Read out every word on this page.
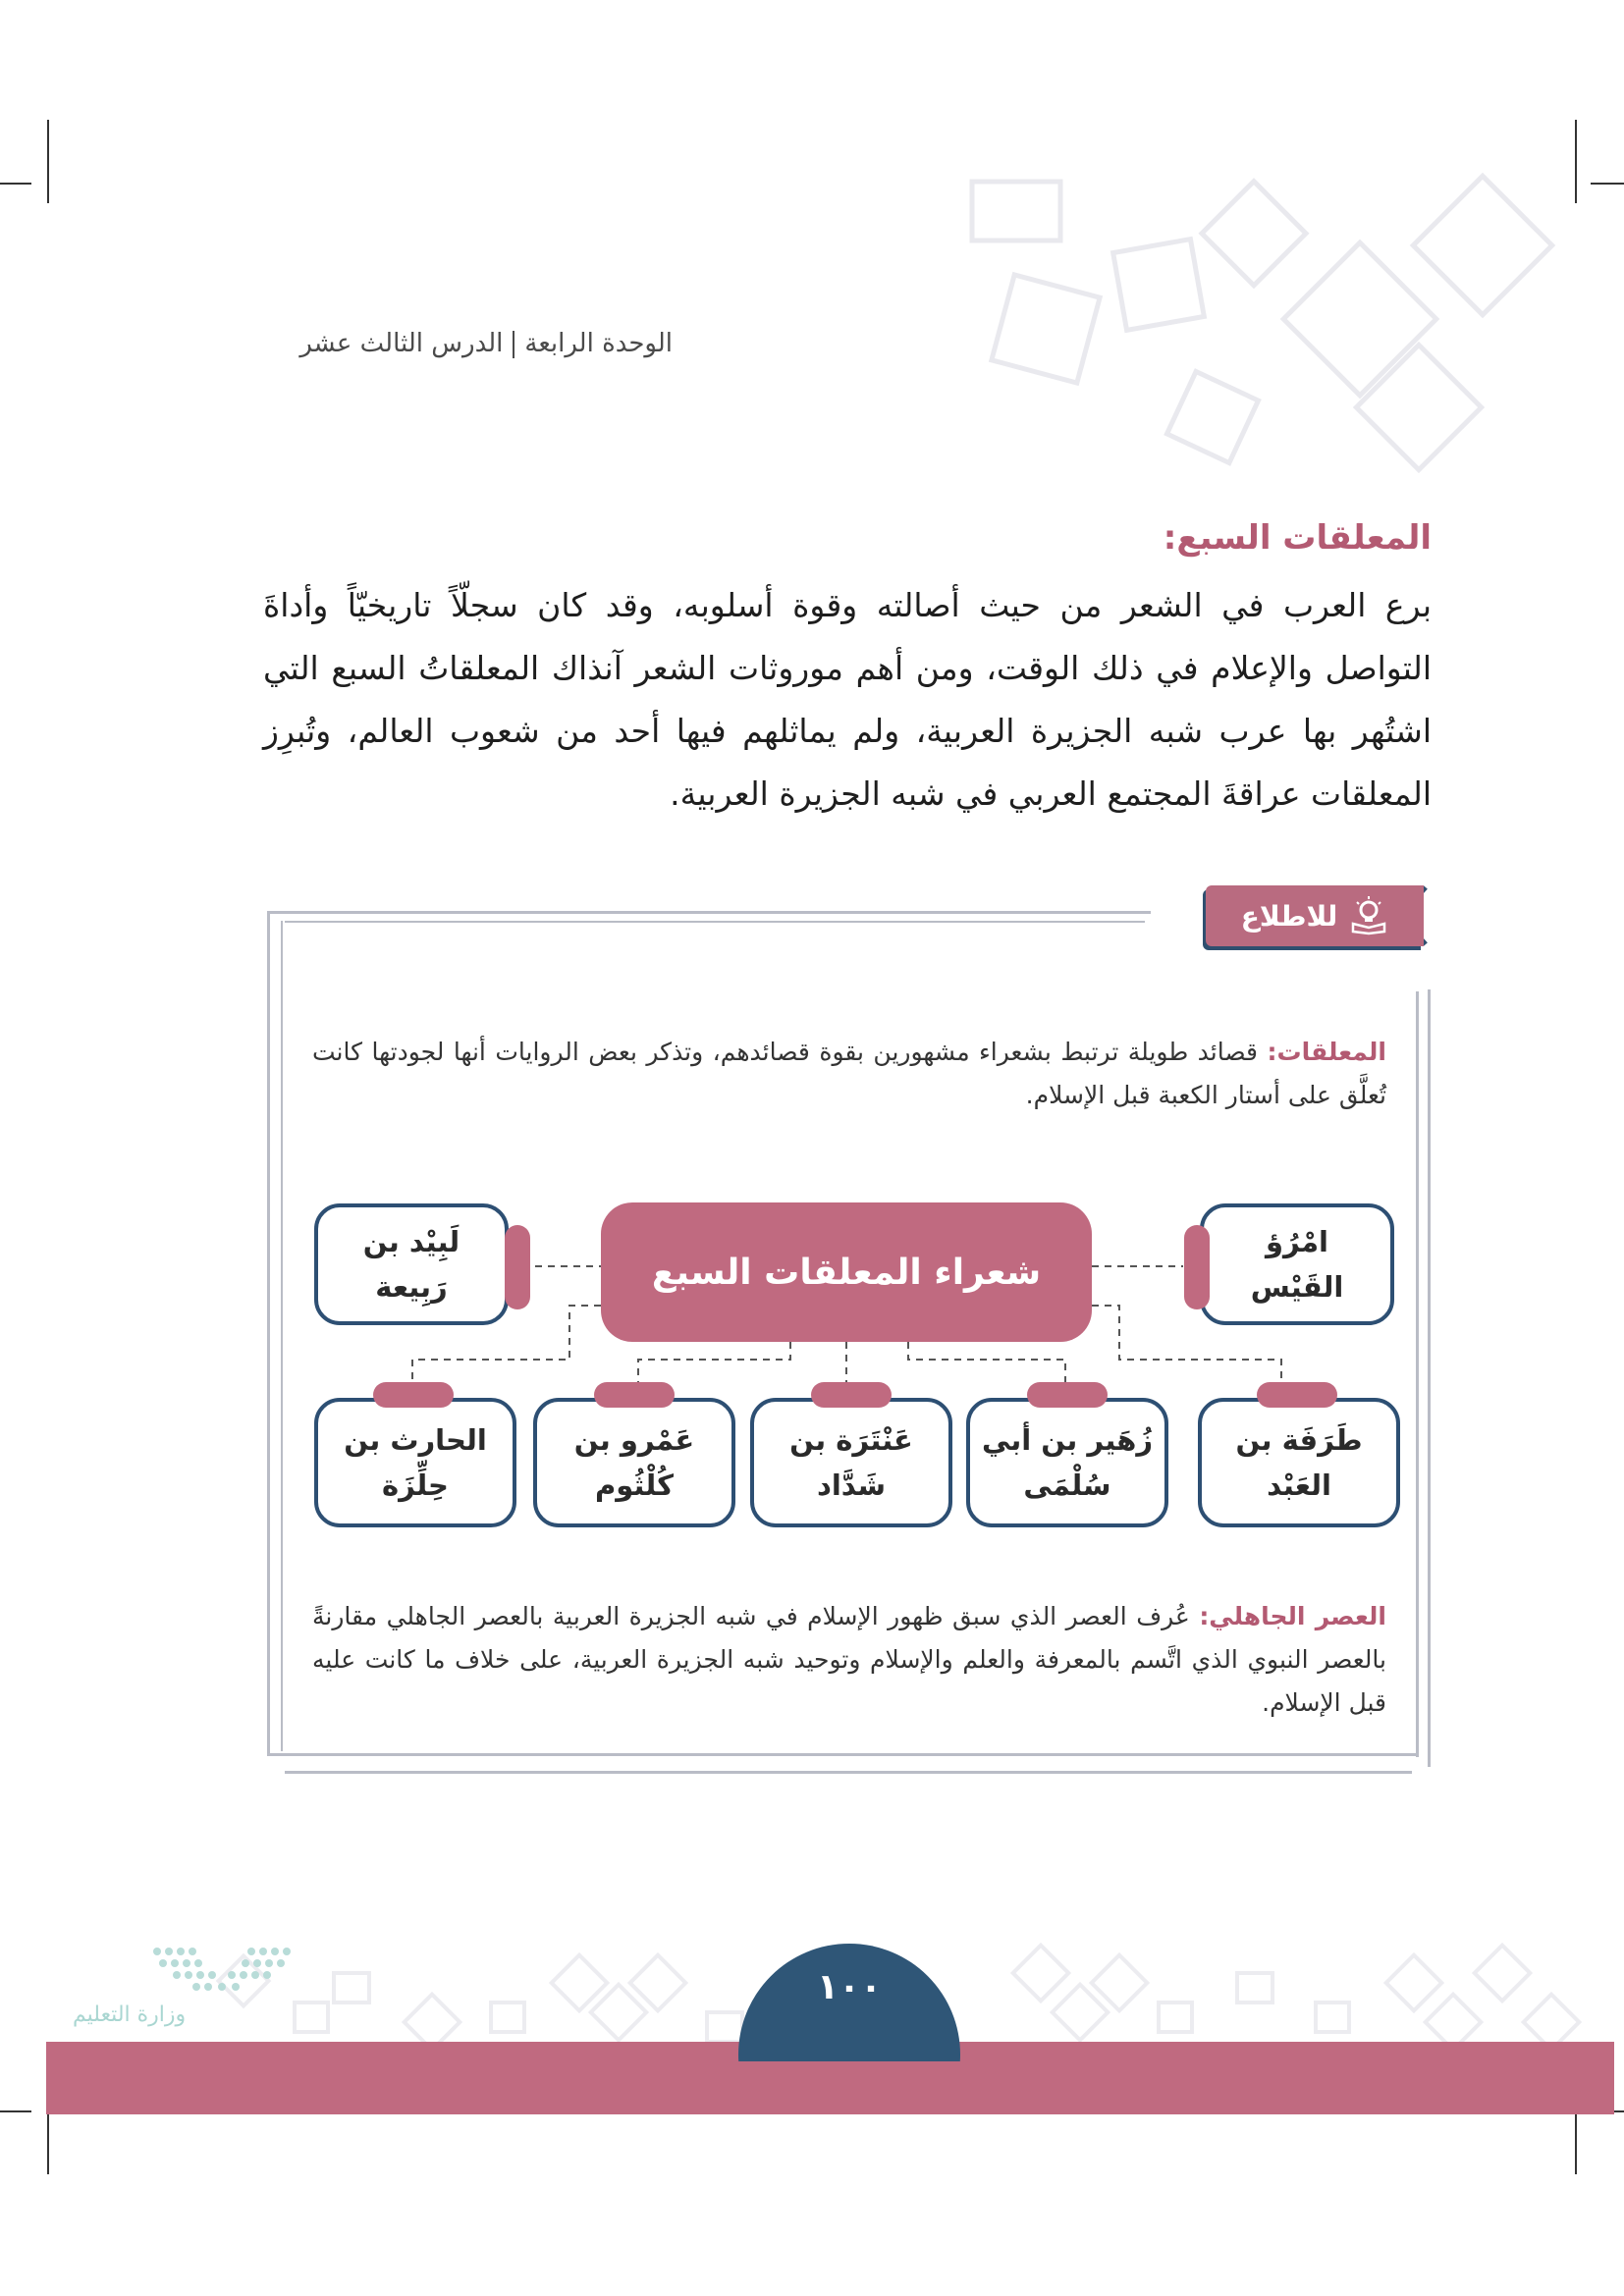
الوحدة الرابعةالدرس الثالث عشر
المعلقات السبع:

برع العرب في الشعر من حيث أصالته وقوة أسلوبه، وقد كان سجلّاً تاريخيّاً وأداةَ التواصل والإعلام في ذلك الوقت، ومن أهم موروثات الشعر آنذاك المعلقاتُ السبع التي اشتُهر بها عرب شبه الجزيرة العربية، ولم يماثلهم فيها أحد من شعوب العالم، وتُبرِز المعلقات عراقةَ المجتمع العربي في شبه الجزيرة العربية.

للاطلاع

المعلقات: قصائد طويلة ترتبط بشعراء مشهورين بقوة قصائدهم، وتذكر بعض الروايات أنها لجودتها كانت تُعلَّق على أستار الكعبة قبل الإسلام.

شعراء المعلقات السبع
امْرُؤ
القَيْس
لَبِيْد بن
رَبِيعة
طَرَفَة بن
العَبْد
زُهَير بن أبي
سُلْمَى
عَنْتَرَة بن
شَدَّاد
عَمْرو بن
كُلْثُوم
الحارث بن
حِلِّزَة

العصر الجاهلي: عُرف العصر الذي سبق ظهور الإسلام في شبه الجزيرة العربية بالعصر الجاهلي مقارنةً بالعصر النبوي الذي اتَّسم بالمعرفة والعلم والإسلام وتوحيد شبه الجزيرة العربية، على خلاف ما كانت عليه قبل الإسلام.

١٠٠
وزارة التعليم
